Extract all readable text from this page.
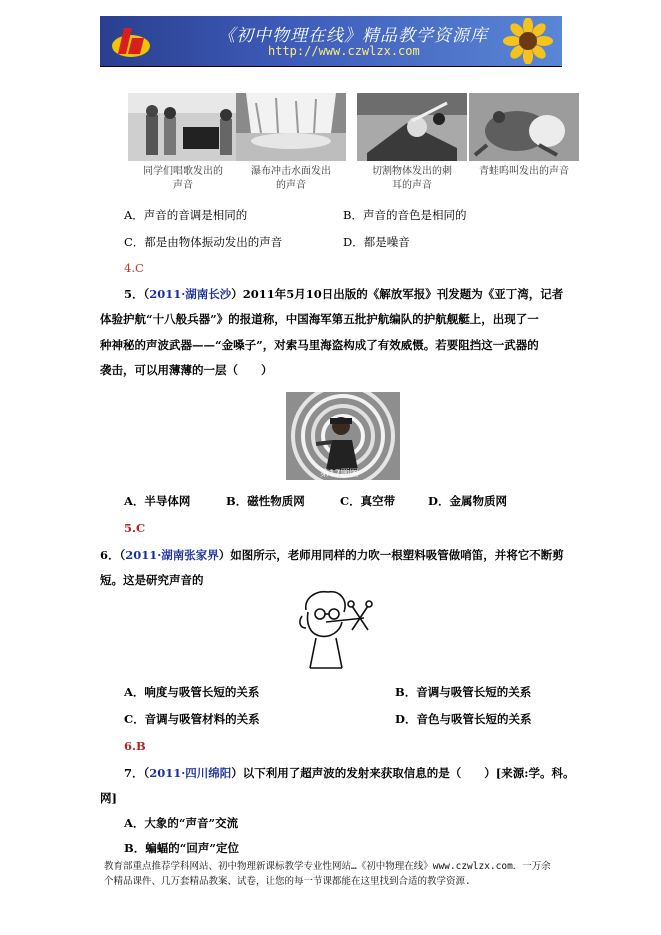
《初中物理在线》精品教学资源库
http://www.czwlzx.com
同学们唱歌发出的
声音
瀑布冲击水面发出
的声音
切割物体发出的刺
耳的声音
青蛙呜叫发出的声音
A．声音的音调是相同的	B．声音的音色是相同的
C．都是由物体振动发出的声音	D．都是噪音
4.C
5．（2011·湖南长沙）2011年5月10日出版的《解放军报》刊发题为《亚丁湾，记者
体验护航“十八般兵器”》的报道称，中国海军第五批护航编队的护航舰艇上，出现了一
种神秘的声波武器——“金嗓子”，对索马里海盗构成了有效威慑。若要阻挡这一武器的
袭击，可以用薄薄的一层（　　）
第17题图
A．半导体网	B．磁性物质网	C．真空带	D．金属物质网
5.C
6．（2011·湖南张家界）如图所示，老师用同样的力吹一根塑料吸管做哨笛，并将它不断剪
短。这是研究声音的
A．响度与吸管长短的关系	B．音调与吸管长短的关系
C．音调与吸管材料的关系	D．音色与吸管长短的关系
6.B
7．（2011·四川绵阳）以下利用了超声波的发射来获取信息的是（　　）[来源:学。科。
网]
A．大象的“声音”交流
B．蝙蝠的“回声”定位
教育部重点推荐学科网站、初中物理新课标教学专业性网站…《初中物理在线》www.czwlzx.com．一万余
个精品课件、几万套精品教案、试卷，让您的每一节课都能在这里找到合适的教学资源.
